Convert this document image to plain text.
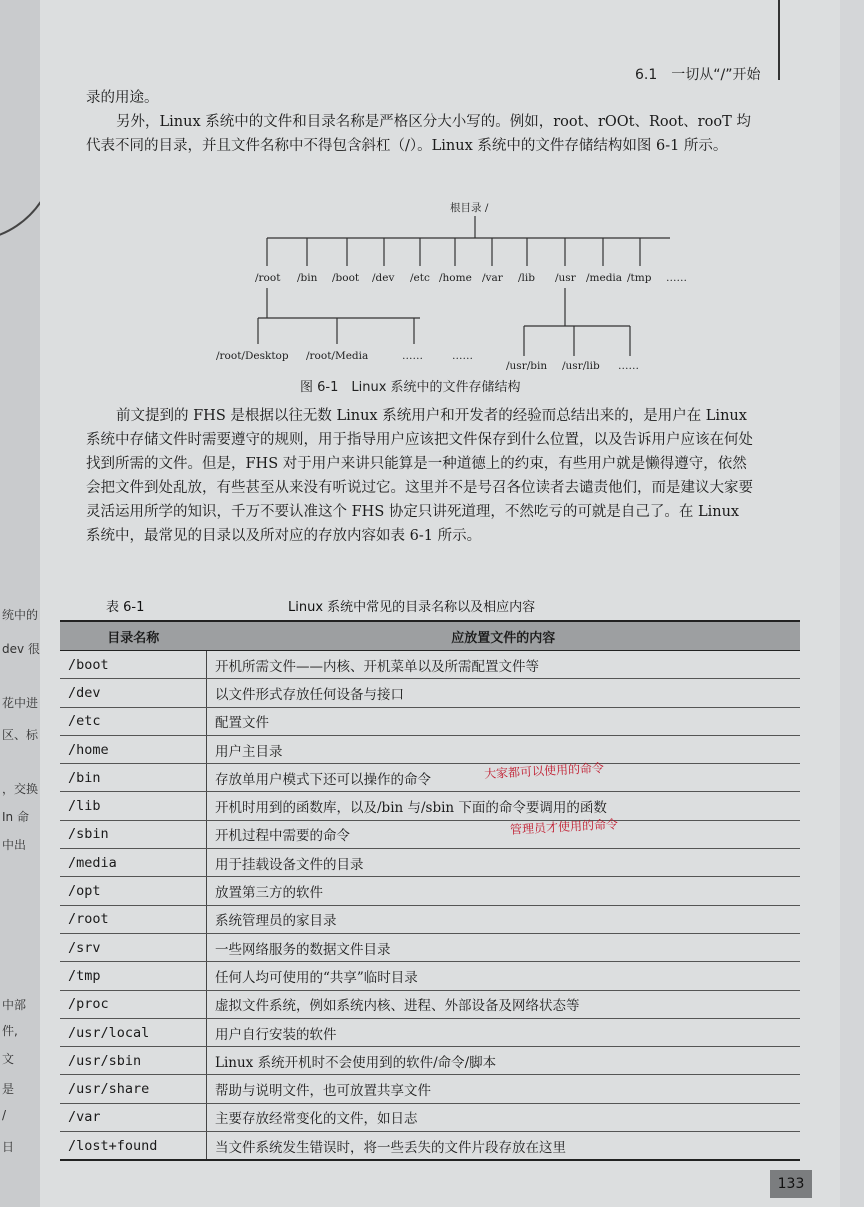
统中的
dev 很
花中进
区、标
，交换
In 命
中出
中部
件,
文
是
/
日
6.1　一切从“/”开始

录的用途。

另外，Linux 系统中的文件和目录名称是严格区分大小写的。例如，root、rOOt、Root、rooT 均代表不同的目录，并且文件名称中不得包含斜杠（/）。Linux 系统中的文件存储结构如图 6-1 所示。

根目录 /
/root /bin /boot /dev /etc /home /var /lib /usr /media /tmp ……
/root/Desktop /root/Media	……	……
/usr/bin /usr/lib ……
图 6-1　Linux 系统中的文件存储结构

前文提到的 FHS 是根据以往无数 Linux 系统用户和开发者的经验而总结出来的，是用户在 Linux 系统中存储文件时需要遵守的规则，用于指导用户应该把文件保存到什么位置，以及告诉用户应该在何处找到所需的文件。但是，FHS 对于用户来讲只能算是一种道德上的约束，有些用户就是懒得遵守，依然会把文件到处乱放，有些甚至从来没有听说过它。这里并不是号召各位读者去谴责他们，而是建议大家要灵活运用所学的知识，千万不要认准这个 FHS 协定只讲死道理，不然吃亏的可就是自己了。在 Linux 系统中，最常见的目录以及所对应的存放内容如表 6-1 所示。

表 6-1	Linux 系统中常见的目录名称以及相应内容
目录名称	应放置文件的内容
/boot	开机所需文件——内核、开机菜单以及所需配置文件等
/dev	以文件形式存放任何设备与接口
/etc	配置文件
/home	用户主目录
/bin	存放单用户模式下还可以操作的命令
/lib	开机时用到的函数库，以及/bin 与/sbin 下面的命令要调用的函数
/sbin	开机过程中需要的命令
/media	用于挂载设备文件的目录
/opt	放置第三方的软件
/root	系统管理员的家目录
/srv	一些网络服务的数据文件目录
/tmp	任何人均可使用的“共享”临时目录
/proc	虚拟文件系统，例如系统内核、进程、外部设备及网络状态等
/usr/local	用户自行安装的软件
/usr/sbin	Linux 系统开机时不会使用到的软件/命令/脚本
/usr/share	帮助与说明文件，也可放置共享文件
/var	主要存放经常变化的文件，如日志
/lost+found	当文件系统发生错误时，将一些丢失的文件片段存放在这里
大家都可以使用的命令
管理员才使用的命令
133
